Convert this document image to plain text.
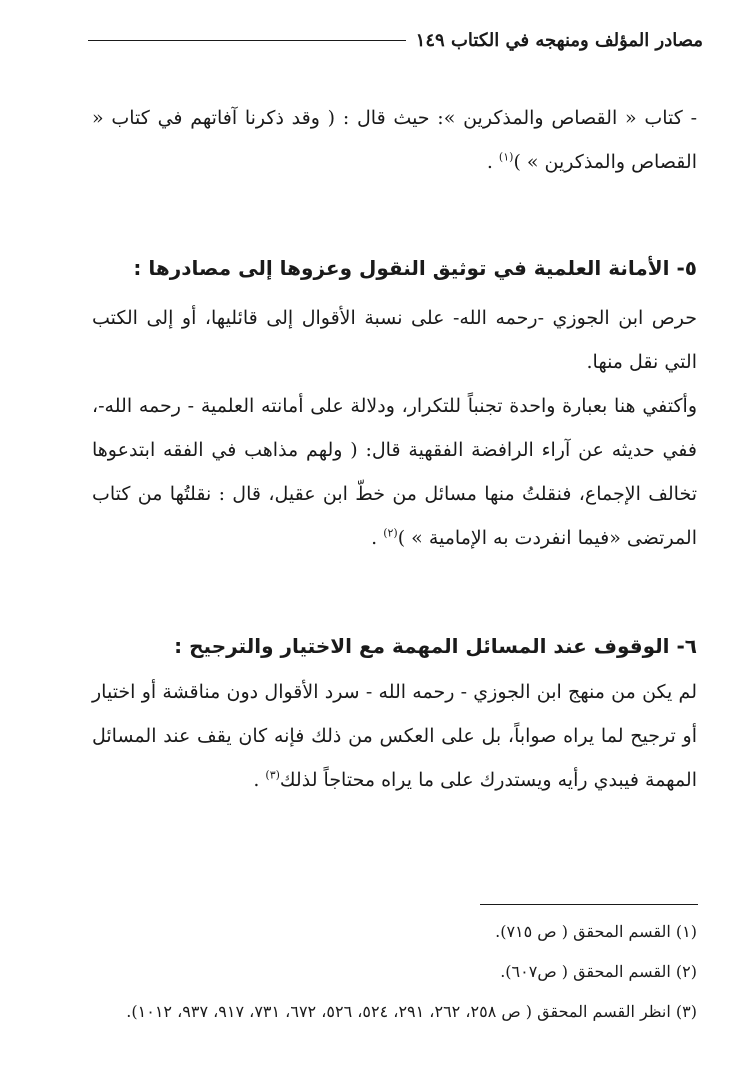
مصادر المؤلف ومنهجه في الكتاب ١٤٩

- كتاب « القصاص والمذكرين »: حيث قال : ( وقد ذكرنا آفاتهم في كتاب « القصاص والمذكرين » )$^{(١)}$ .

٥- الأمانة العلمية في توثيق النقول وعزوها إلى مصادرها :

حرص ابن الجوزي -رحمه الله- على نسبة الأقوال إلى قائليها، أو إلى الكتب التي نقل منها.

وأكتفي هنا بعبارة واحدة تجنباً للتكرار، ودلالة على أمانته العلمية - رحمه الله-، ففي حديثه عن آراء الرافضة الفقهية قال: ( ولهم مذاهب في الفقه ابتدعوها تخالف الإجماع، فنقلتُ منها مسائل من خطّ ابن عقيل، قال : نقلتُها من كتاب المرتضى «فيما انفردت به الإمامية » )$^{(٢)}$ .

٦- الوقوف عند المسائل المهمة مع الاختيار والترجيح :

لم يكن من منهج ابن الجوزي - رحمه الله - سرد الأقوال دون مناقشة أو اختيار أو ترجيح لما يراه صواباً، بل على العكس من ذلك فإنه كان يقف عند المسائل المهمة فيبدي رأيه ويستدرك على ما يراه محتاجاً لذلك$^{(٣)}$ .

(١) القسم المحقق ( ص ٧١٥).
(٢) القسم المحقق ( ص٦٠٧).
(٣) انظر القسم المحقق ( ص ٢٥٨، ٢٦٢، ٢٩١، ٥٢٤، ٥٢٦، ٦٧٢، ٧٣١، ٩١٧، ٩٣٧، ١٠١٢).
